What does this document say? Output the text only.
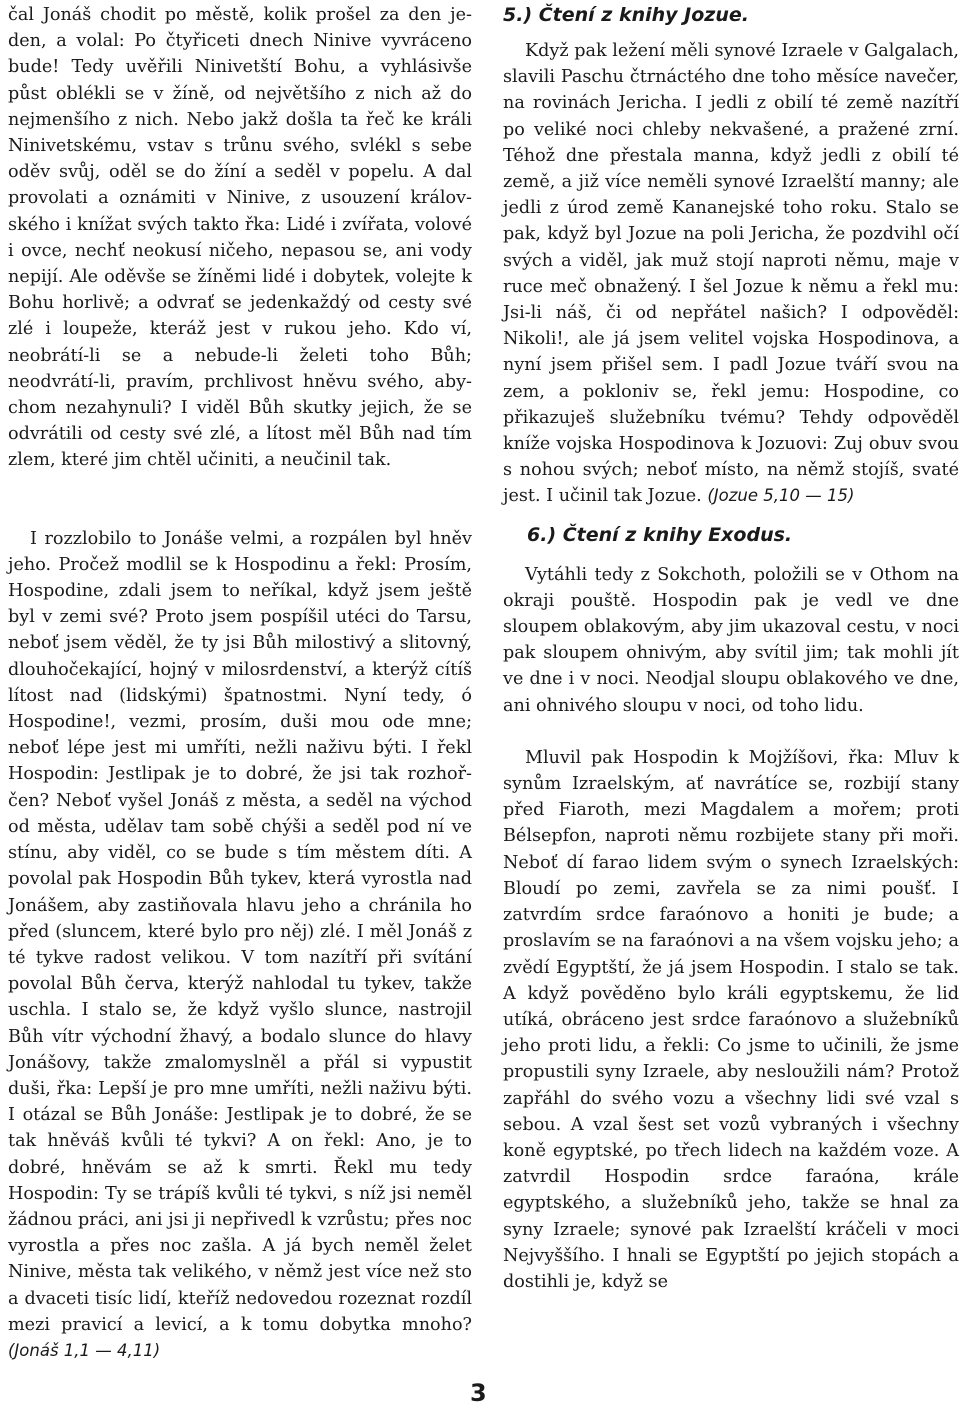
čal Jonáš chodit po městě, kolik prošel za den jeden, a volal: Po čtyřiceti dnech Ninive vyvráceno bude! Tedy uvěřili Ninivetští Bohu, a vyhlásivše půst oblékli se v žíně, od největšího z nich až do nejmenšího z nich. Nebo jakž došla ta řeč ke králi Ninivetskému, vstav s trůnu svého, svlékl s sebe oděv svůj, oděl se do žíní a seděl v popelu. A dal provolati a oznámiti v Ninive, z usouzení královského i knížat svých takto řka: Lidé i zvířata, volové i ovce, nechť neokusí ničeho, nepasou se, ani vody nepijí. Ale oděvše se žíněmi lidé i dobytek, volejte k Bohu horlivě; a odvrať se jedenkaždý od cesty své zlé i loupeže, kteráž jest v rukou jeho. Kdo ví, neobrátí-li se a nebude-li želeti toho Bůh; neodvrátí-li, pravím, prchlivost hněvu svého, abychom nezahynuli? I viděl Bůh skutky jejich, že se odvrátili od cesty své zlé, a lítost měl Bůh nad tím zlem, které jim chtěl učiniti, a neučinil tak.

I rozzlobilo to Jonáše velmi, a rozpálen byl hněv jeho. Pročež modlil se k Hospodinu a řekl: Prosím, Hospodine, zdali jsem to neříkal, když jsem ještě byl v zemi své? Proto jsem pospíšil utéci do Tarsu, neboť jsem věděl, že ty jsi Bůh milostivý a slitovný, dlouhočekající, hojný v milosrdenství, a kterýž cítíš lítost nad (lidskými) špatnostmi. Nyní tedy, ó Hospodine!, vezmi, prosím, duši mou ode mne; neboť lépe jest mi umříti, nežli naživu býti. I řekl Hospodin: Jestlipak je to dobré, že jsi tak rozhořčen? Neboť vyšel Jonáš z města, a seděl na východ od města, udělav tam sobě chýši a seděl pod ní ve stínu, aby viděl, co se bude s tím městem díti. A povolal pak Hospodin Bůh tykev, která vyrostla nad Jonášem, aby zastiňovala hlavu jeho a chránila ho před (sluncem, které bylo pro něj) zlé. I měl Jonáš z té tykve radost velikou. V tom nazítří při svítání povolal Bůh červa, kterýž nahlodal tu tykev, takže uschla. I stalo se, že když vyšlo slunce, nastrojil Bůh vítr východní žhavý, a bodalo slunce do hlavy Jonášovy, takže zmalomyslněl a přál si vypustit duši, řka: Lepší je pro mne umříti, nežli naživu býti. I otázal se Bůh Jonáše: Jestlipak je to dobré, že se tak hněváš kvůli té tykvi? A on řekl: Ano, je to dobré, hněvám se až k smrti. Řekl mu tedy Hospodin: Ty se trápíš kvůli té tykvi, s níž jsi neměl žádnou práci, ani jsi ji nepřivedl k vzrůstu; přes noc vyrostla a přes noc zašla. A já bych neměl želet Ninive, města tak velikého, v němž jest více než sto a dvaceti tisíc lidí, kteříž nedovedou rozeznat rozdíl mezi pravicí a levicí, a k tomu dobytka mnoho? (Jonáš 1,1 — 4,11)

5.) Čtení z knihy Jozue.

Když pak ležení měli synové Izraele v Galgalach, slavili Paschu čtrnáctého dne toho měsíce navečer, na rovinách Jericha. I jedli z obilí té země nazítří po veliké noci chleby nekvašené, a pražené zrní. Téhož dne přestala manna, když jedli z obilí té země, a již více neměli synové Izraelští manny; ale jedli z úrod země Kananejské toho roku. Stalo se pak, když byl Jozue na poli Jericha, že pozdvihl očí svých a viděl, jak muž stojí naproti němu, maje v ruce meč obnažený. I šel Jozue k němu a řekl mu: Jsi-li náš, či od nepřátel našich? I odpověděl: Nikoli!, ale já jsem velitel vojska Hospodinova, a nyní jsem přišel sem. I padl Jozue tváří svou na zem, a pokloniv se, řekl jemu: Hospodine, co přikazuješ služebníku tvému? Tehdy odpověděl kníže vojska Hospodinova k Jozuovi: Zuj obuv svou s nohou svých; neboť místo, na němž stojíš, svaté jest. I učinil tak Jozue. (Jozue 5,10 — 15)

6.) Čtení z knihy Exodus.

Vytáhli tedy z Sokchoth, položili se v Othom na okraji pouště. Hospodin pak je vedl ve dne sloupem oblakovým, aby jim ukazoval cestu, v noci pak sloupem ohnivým, aby svítil jim; tak mohli jít ve dne i v noci. Neodjal sloupu oblakového ve dne, ani ohnivého sloupu v noci, od toho lidu.

Mluvil pak Hospodin k Mojžíšovi, řka: Mluv k synům Izraelským, ať navrátíce se, rozbijí stany před Fiaroth, mezi Magdalem a mořem; proti Bélsepfon, naproti němu rozbijete stany při moři. Neboť dí farao lidem svým o synech Izraelských: Bloudí po zemi, zavřela se za nimi poušť. I zatvrdím srdce faraónovo a honiti je bude; a proslavím se na faraónovi a na všem vojsku jeho; a zvědí Egyptští, že já jsem Hospodin. I stalo se tak. A když pověděno bylo králi egyptskemu, že lid utíká, obráceno jest srdce faraónovo a služebníků jeho proti lidu, a řekli: Co jsme to učinili, že jsme propustili syny Izraele, aby nesloužili nám? Protož zapřáhl do svého vozu a všechny lidi své vzal s sebou. A vzal šest set vozů vybraných i všechny koně egyptské, po třech lidech na každém voze. A zatvrdil Hospodin srdce faraóna, krále egyptského, a služebníků jeho, takže se hnal za syny Izraele; synové pak Izraelští kráčeli v moci Nejvyššího. I hnali se Egyptští po jejich stopách a dostihli je, když se

3
